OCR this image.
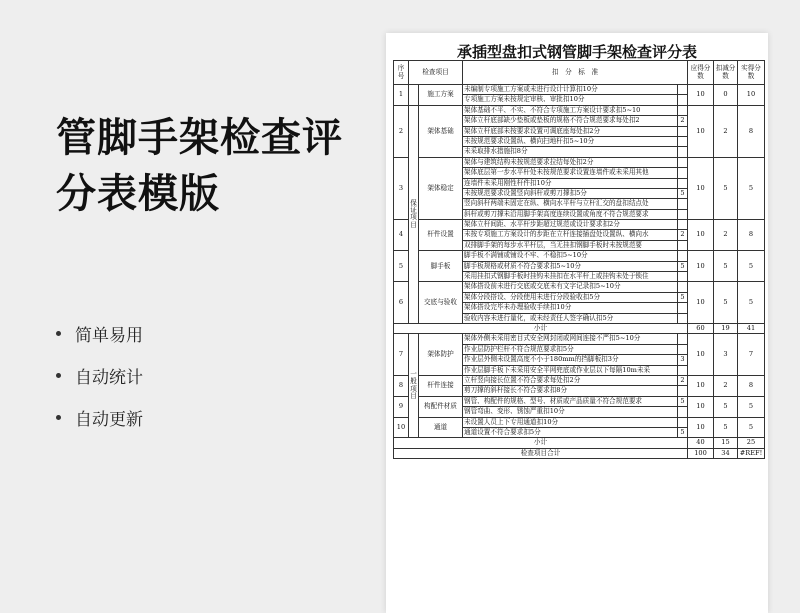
管脚手架检查评分表模版
简单易用
自动统计
自动更新
承插型盘扣式钢管脚手架检查评分表
序号	检查项目		扣　分　标　准		应得分数	扣减分数	实得分数
1		施工方案	未编制专项施工方案或未进行设计计算扣10分		10	0	10
			专项施工方案未按规定审核、审批扣10分				
2	保证项目	架体基础	架体基础不平、不实、不符合专项施工方案设计要求扣5~10		10	2	8
			架体立杆底部缺少垫板或垫板的规格不符合规范要求每处扣2	2			
			架体立杆底部未按要求设置可调底座每处扣2分				
			未按规范要求设置纵、横向扫地杆扣5~10分				
			未采取排水措施扣8分				
3		架体稳定	架体与建筑结构未按规范要求拉结每处扣2分		10	5	5
			架体底层第一步水平杆处未按规范要求设置连墙件或未采用其他				
			连墙件未采用刚性杆件扣10分				
			未按规范要求设置竖向斜杆或剪刀撑扣5分	5			
			竖向斜杆两端未固定在纵、横向水平杆与立杆汇交的盘扣结点处				
			斜杆或剪刀撑未沿用脚手架高度连续设置或角度不符合规范要求				
4		杆件设置	架体立杆间距、水平杆步距超过规范或设计要求扣2分		10	2	8
			未按专项施工方案设计的步距在立杆连接插盘处设置纵、横向水	2			
			双排脚手架的每步水平杆层，当无挂扣钢脚手板时未按规范要				
5		脚手板	脚手板不满铺或铺设不牢、不稳扣5~10分		10	5	5
			脚手板规格或材质不符合要求扣5~10分	5			
			采用挂扣式钢脚手板时挂钩未挂扣在水平杆上或挂钩未处于锁住				
6		交底与验收	架体搭设前未进行交底或交底未有文字记录扣5~10分		10	5	5
			架体分段搭设、分段使用未进行分段验收扣5分	5			
			架体搭设完毕未办理验收手续扣10分				
			验收内容未进行量化，或未经责任人签字确认扣5分				
小计					60	19	41
7	一般项目	架体防护	架体外侧未采用密目式安全网封闭或网间连接不严扣5~10分		10	3	7
			作业层防护栏杆不符合规范要求扣5分				
			作业层外侧未设置高度不小于180mm的挡脚板扣3分	3			
			作业层脚手板下未采用安全平网兜底或作业层以下每隔10m未采				
8		杆件连接	立杆竖向接长位置不符合要求每处扣2分	2	10	2	8
			剪刀撑的斜杆接长不符合要求扣8分				
9		构配件材质	钢管、构配件的规格、型号、材质或产品质量不符合规范要求	5	10	5	5
			钢管弯曲、变形、锈蚀严重扣10分				
10		通道	未设置人员上下专用通道扣10分		10	5	5
			通道设置不符合要求扣5分	5			
小计					40	15	25
检查项目合计					100	34	#REF!
